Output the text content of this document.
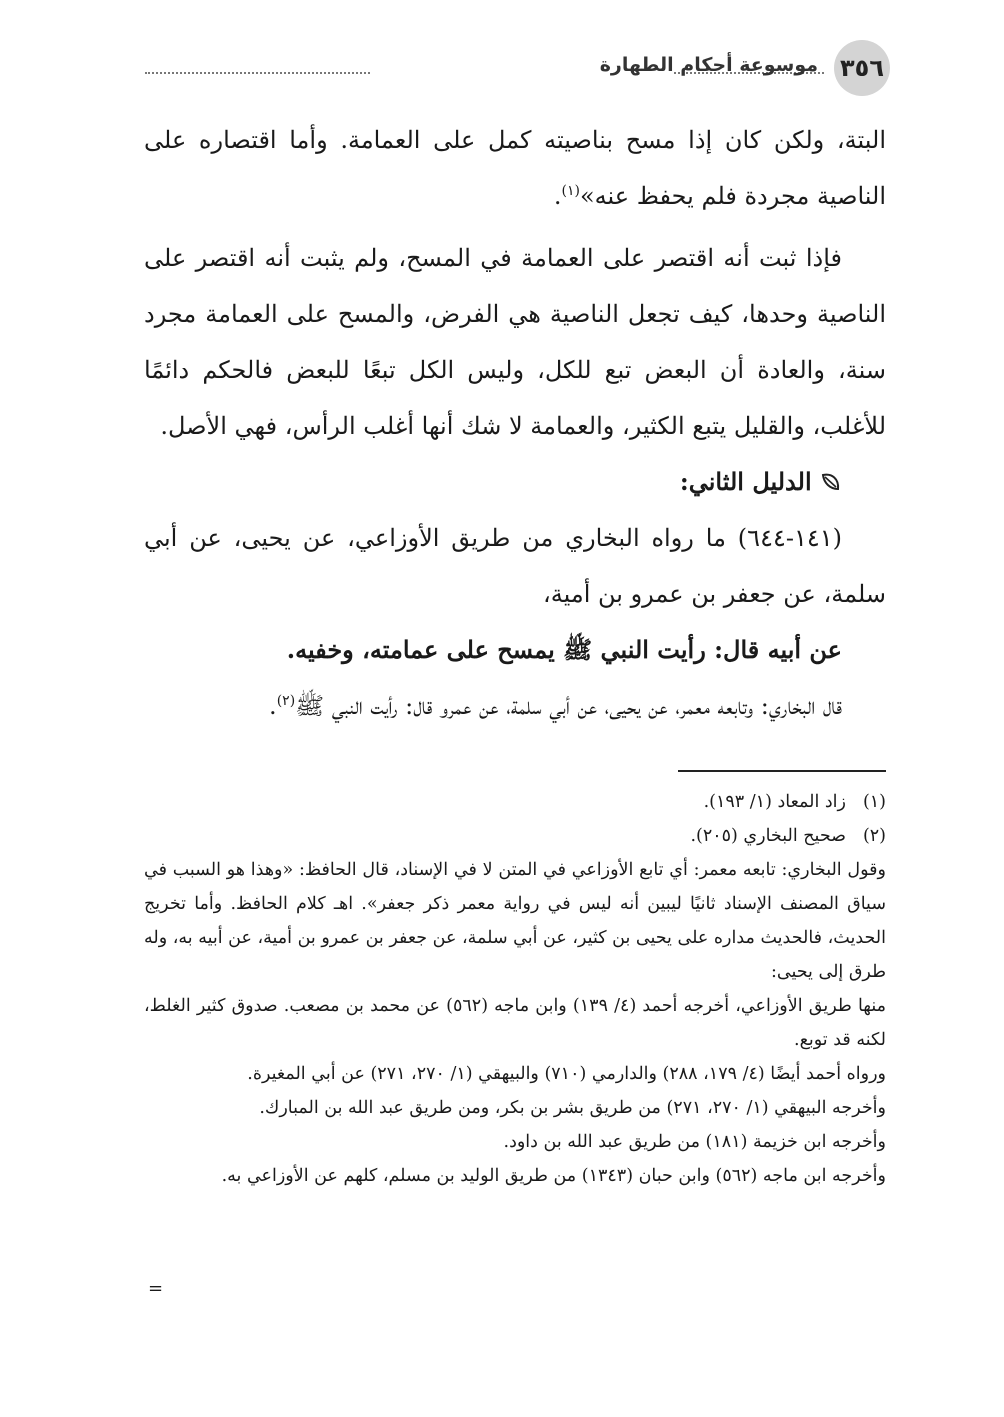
٣٥٦
موسوعة أحكام الطهارة

البتة، ولكن كان إذا مسح بناصيته كمل على العمامة. وأما اقتصاره على الناصية مجردة فلم يحفظ عنه»$^{(١)}$.

فإذا ثبت أنه اقتصر على العمامة في المسح، ولم يثبت أنه اقتصر على الناصية وحدها، كيف تجعل الناصية هي الفرض، والمسح على العمامة مجرد سنة، والعادة أن البعض تبع للكل، وليس الكل تبعًا للبعض فالحكم دائمًا للأغلب، والقليل يتبع الكثير، والعمامة لا شك أنها أغلب الرأس، فهي الأصل.

الدليل الثاني:

(١٤١-٦٤٤) ما رواه البخاري من طريق الأوزاعي، عن يحيى، عن أبي سلمة، عن جعفر بن عمرو بن أمية،

عن أبيه قال: رأيت النبي ﷺ يمسح على عمامته، وخفيه.

قال البخاري: وتابعه معمر، عن يحيى، عن أبي سلمة، عن عمرو قال: رأيت النبي ﷺ$^{(٢)}$.

(١)زاد المعاد (١/ ١٩٣).

(٢)صحيح البخاري (٢٠٥).

وقول البخاري: تابعه معمر: أي تابع الأوزاعي في المتن لا في الإسناد، قال الحافظ: «وهذا هو السبب في سياق المصنف الإسناد ثانيًا ليبين أنه ليس في رواية معمر ذكر جعفر». اهـ كلام الحافظ. وأما تخريج الحديث، فالحديث مداره على يحيى بن كثير، عن أبي سلمة، عن جعفر بن عمرو بن أمية، عن أبيه به، وله طرق إلى يحيى:

منها طريق الأوزاعي، أخرجه أحمد (٤/ ١٣٩) وابن ماجه (٥٦٢) عن محمد بن مصعب. صدوق كثير الغلط، لكنه قد توبع.

ورواه أحمد أيضًا (٤/ ١٧٩، ٢٨٨) والدارمي (٧١٠) والبيهقي (١/ ٢٧٠، ٢٧١) عن أبي المغيرة.

وأخرجه البيهقي (١/ ٢٧٠، ٢٧١) من طريق بشر بن بكر، ومن طريق عبد الله بن المبارك.

وأخرجه ابن خزيمة (١٨١) من طريق عبد الله بن داود.

وأخرجه ابن ماجه (٥٦٢) وابن حبان (١٣٤٣) من طريق الوليد بن مسلم، كلهم عن الأوزاعي به.

=
